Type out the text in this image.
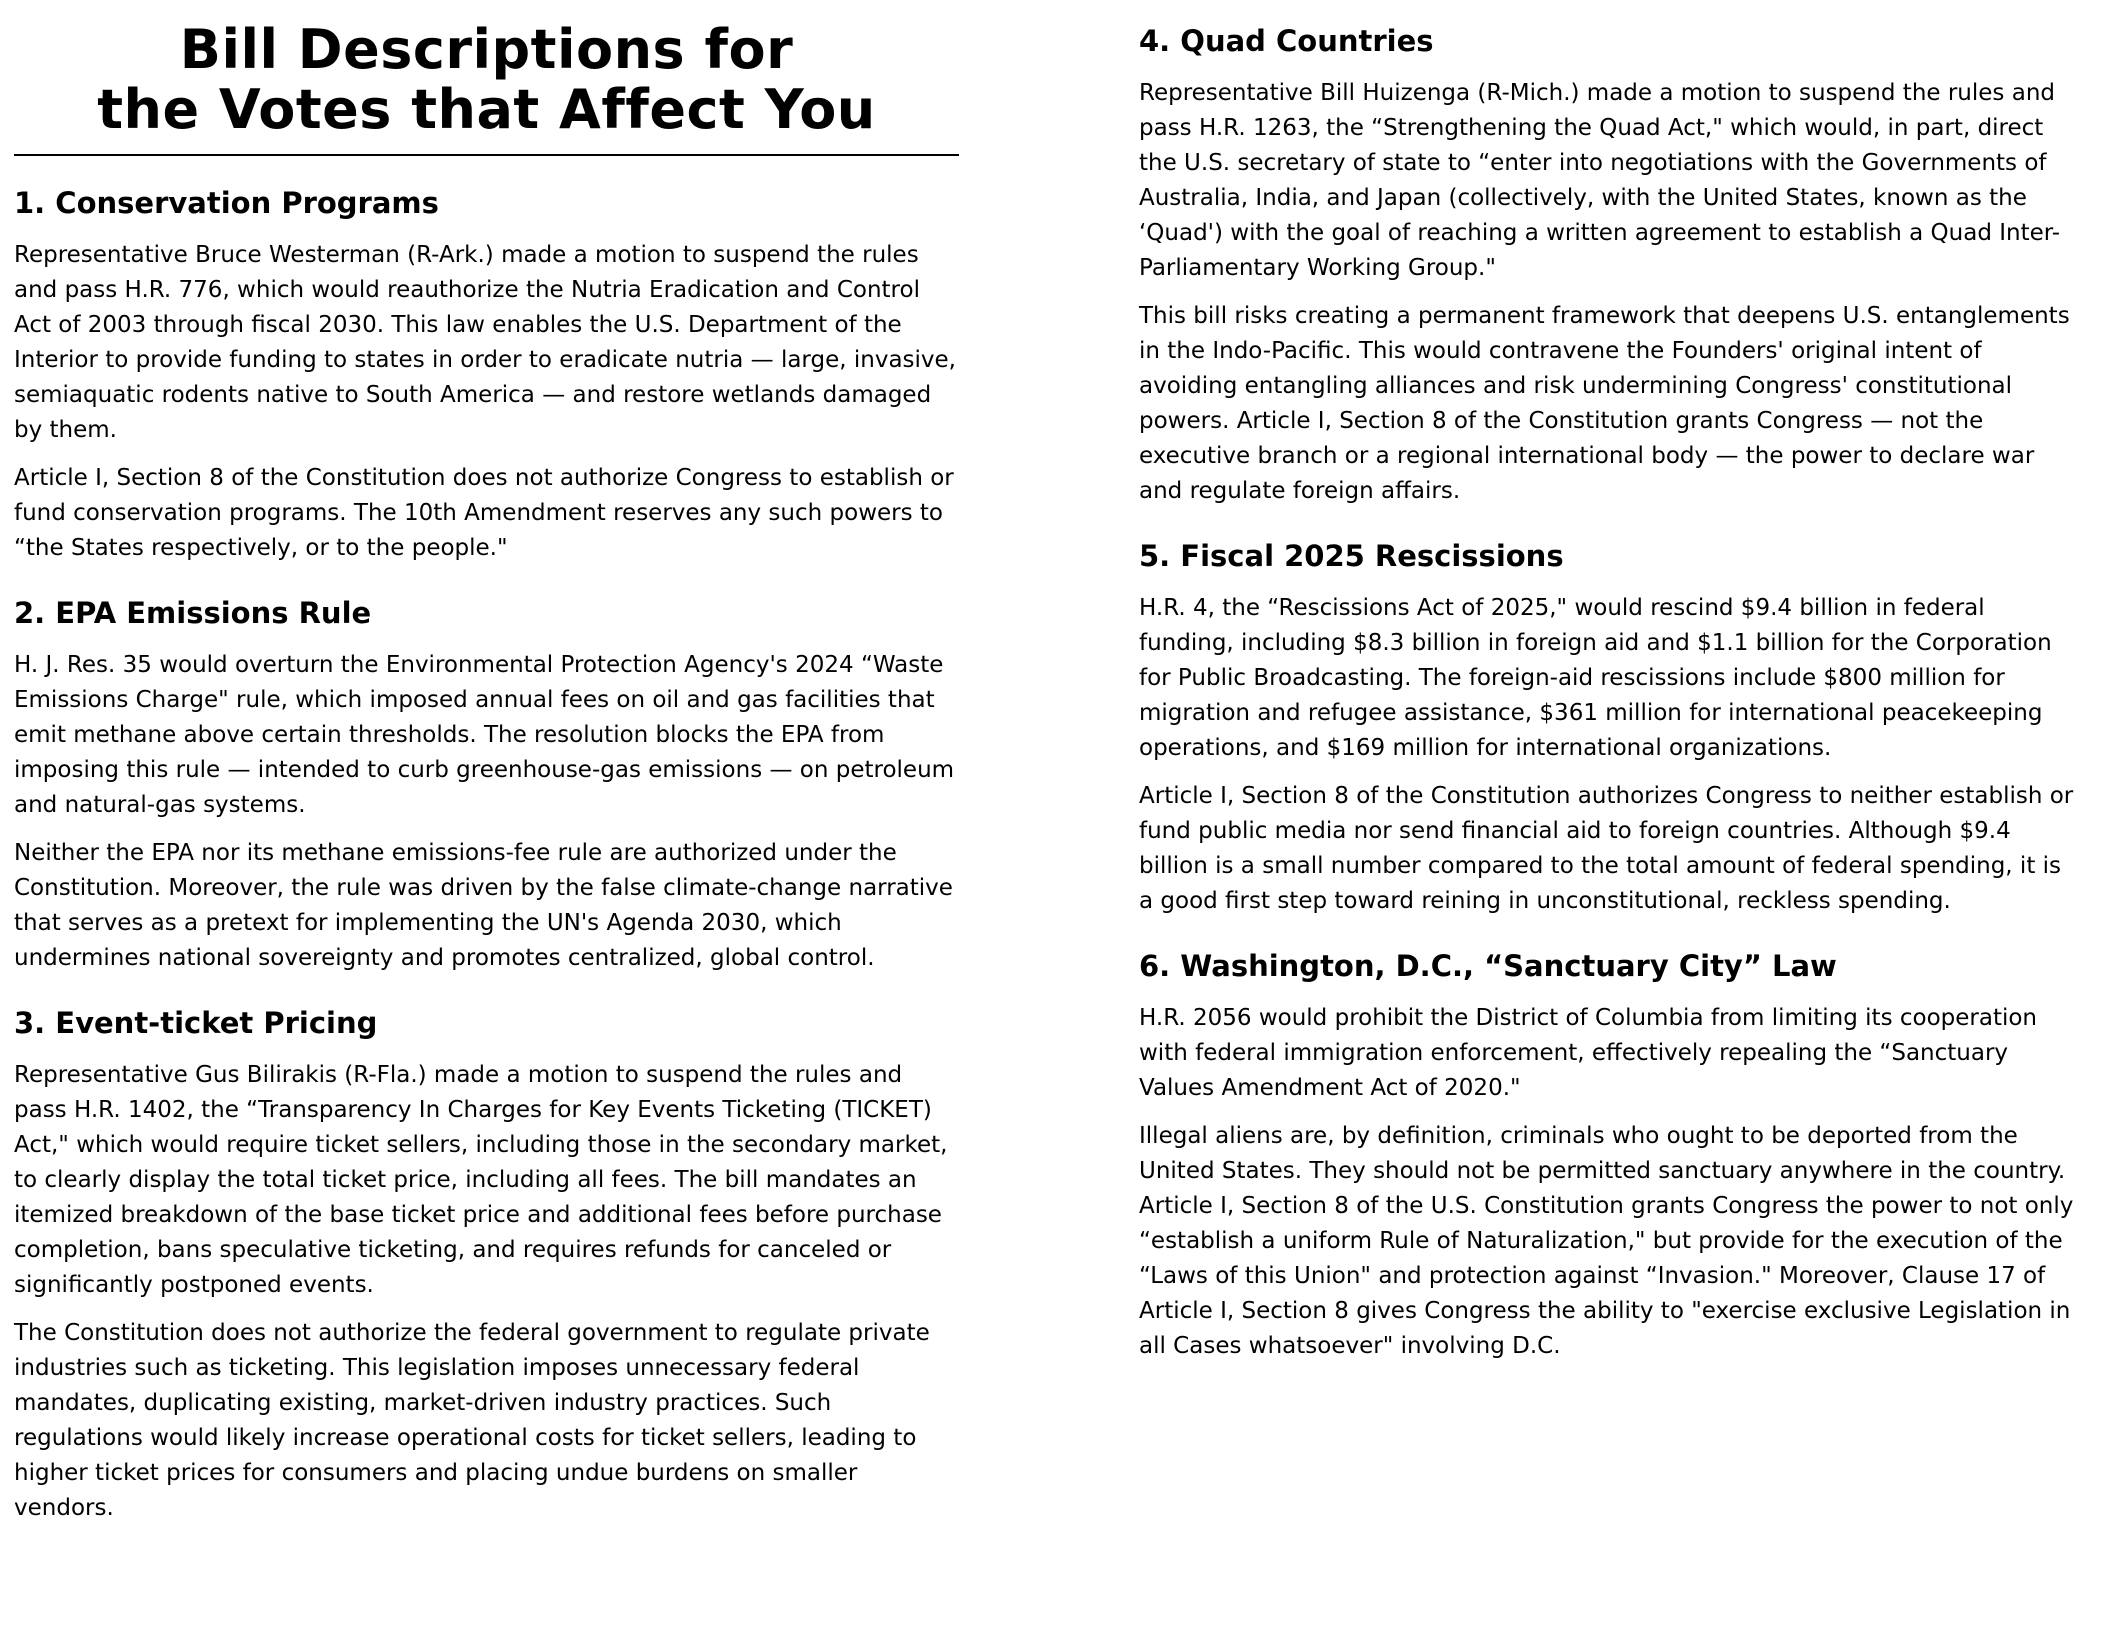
Bill Descriptions for
the Votes that Affect You
1. Conservation Programs

Representative Bruce Westerman (R-Ark.) made a motion to suspend the rules and pass H.R. 776, which would reauthorize the Nutria Eradication and Control Act of 2003 through fiscal 2030. This law enables the U.S. Department of the Interior to provide funding to states in order to eradicate nutria — large, invasive, semiaquatic rodents native to South America — and restore wetlands damaged by them.

Article I, Section 8 of the Constitution does not authorize Congress to establish or fund conservation programs. The 10th Amendment reserves any such powers to “the States respectively, or to the people."

2. EPA Emissions Rule

H. J. Res. 35 would overturn the Environmental Protection Agency's 2024 “Waste Emissions Charge" rule, which imposed annual fees on oil and gas facilities that emit methane above certain thresholds. The resolution blocks the EPA from imposing this rule — intended to curb greenhouse-gas emissions — on petroleum and natural-gas systems.

Neither the EPA nor its methane emissions-fee rule are authorized under the Constitution. Moreover, the rule was driven by the false climate-change narrative that serves as a pretext for implementing the UN's Agenda 2030, which undermines national sovereignty and promotes centralized, global control.

3. Event-ticket Pricing

Representative Gus Bilirakis (R-Fla.) made a motion to suspend the rules and pass H.R. 1402, the “Transparency In Charges for Key Events Ticketing (TICKET) Act," which would require ticket sellers, including those in the secondary market, to clearly display the total ticket price, including all fees. The bill mandates an itemized breakdown of the base ticket price and additional fees before purchase completion, bans speculative ticketing, and requires refunds for canceled or significantly postponed events.

The Constitution does not authorize the federal government to regulate private industries such as ticketing. This legislation imposes unnecessary federal mandates, duplicating existing, market-driven industry practices. Such regulations would likely increase operational costs for ticket sellers, leading to higher ticket prices for consumers and placing undue burdens on smaller vendors.

4. Quad Countries

Representative Bill Huizenga (R-Mich.) made a motion to suspend the rules and pass H.R. 1263, the “Strengthening the Quad Act," which would, in part, direct the U.S. secretary of state to “enter into negotiations with the Governments of Australia, India, and Japan (collectively, with the United States, known as the ‘Quad') with the goal of reaching a written agreement to establish a Quad Inter-Parliamentary Working Group."

This bill risks creating a permanent framework that deepens U.S. entanglements in the Indo-Pacific. This would contravene the Founders' original intent of avoiding entangling alliances and risk undermining Congress' constitutional powers. Article I, Section 8 of the Constitution grants Congress — not the executive branch or a regional international body — the power to declare war and regulate foreign affairs.

5. Fiscal 2025 Rescissions

H.R. 4, the “Rescissions Act of 2025," would rescind $9.4 billion in federal funding, including $8.3 billion in foreign aid and $1.1 billion for the Corporation for Public Broadcasting. The foreign-aid rescissions include $800 million for migration and refugee assistance, $361 million for international peacekeeping operations, and $169 million for international organizations.

Article I, Section 8 of the Constitution authorizes Congress to neither establish or fund public media nor send financial aid to foreign countries. Although $9.4 billion is a small number compared to the total amount of federal spending, it is a good first step toward reining in unconstitutional, reckless spending.

6. Washington, D.C., “Sanctuary City” Law

H.R. 2056 would prohibit the District of Columbia from limiting its cooperation with federal immigration enforcement, effectively repealing the “Sanctuary Values Amendment Act of 2020."

Illegal aliens are, by definition, criminals who ought to be deported from the United States. They should not be permitted sanctuary anywhere in the country. Article I, Section 8 of the U.S. Constitution grants Congress the power to not only “establish a uniform Rule of Naturalization," but provide for the execution of the “Laws of this Union" and protection against “Invasion." Moreover, Clause 17 of Article I, Section 8 gives Congress the ability to "exercise exclusive Legislation in all Cases whatsoever" involving D.C.
